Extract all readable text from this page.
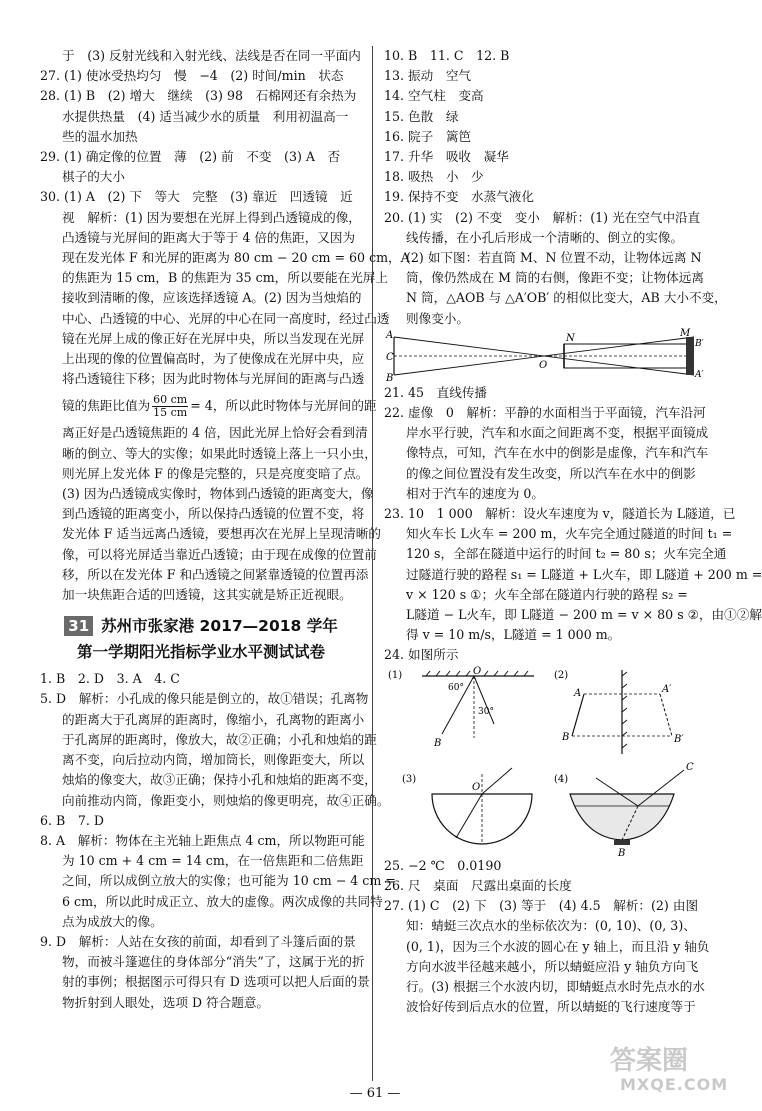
于　(3) 反射光线和入射光线、法线是否在同一平面内
27. (1) 使冰受热均匀　慢　−4　(2) 时间/min　状态
28. (1) B　(2) 增大　继续　(3) 98　石棉网还有余热为
水提供热量　(4) 适当减少水的质量　利用初温高一
些的温水加热
29. (1) 确定像的位置　薄　(2) 前　不变　(3) A　否
棋子的大小
30. (1) A　(2) 下　等大　完整　(3) 靠近　凹透镜　近
视　解析：(1) 因为要想在光屏上得到凸透镜成的像，
凸透镜与光屏间的距离大于等于 4 倍的焦距，又因为
现在发光体 F 和光屏的距离为 80 cm − 20 cm = 60 cm，A
的焦距为 15 cm，B 的焦距为 35 cm，所以要能在光屏上
接收到清晰的像，应该选择透镜 A。(2) 因为当烛焰的
中心、凸透镜的中心、光屏的中心在同一高度时，经过凸透
镜在光屏上成的像正好在光屏中央，所以当发现在光屏
上出现的像的位置偏高时，为了使像成在光屏中央，应
将凸透镜往下移；因为此时物体与光屏间的距离与凸透
镜的焦距比值为 $\frac{60 cm}{15 cm} = 4$，所以此时物体与光屏间的距
离正好是凸透镜焦距的 4 倍，因此光屏上恰好会看到清
晰的倒立、等大的实像；如果此时透镜上落上一只小虫，
则光屏上发光体 F 的像是完整的，只是亮度变暗了点。
(3) 因为凸透镜成实像时，物体到凸透镜的距离变大，像
到凸透镜的距离变小，所以保持凸透镜的位置不变，将
发光体 F 适当远离凸透镜，要想再次在光屏上呈现清晰的
像，可以将光屏适当靠近凸透镜；由于现在成像的位置前
移，所以在发光体 F 和凸透镜之间紧靠透镜的位置再添
加一块焦距合适的凹透镜，这其实就是矫正近视眼。
31 苏州市张家港 2017—2018 学年
第一学期阳光指标学业水平测试试卷
1. B　2. D　3. A　4. C
5. D　解析：小孔成的像只能是倒立的，故①错误；孔离物
的距离大于孔离屏的距离时，像缩小，孔离物的距离小
于孔离屏的距离时，像放大，故②正确；小孔和烛焰的距
离不变，向后拉动内筒，增加筒长，则像距变大，所以
烛焰的像变大，故③正确；保持小孔和烛焰的距离不变，
向前推动内筒，像距变小，则烛焰的像更明亮，故④正确。
6. B　7. D
8. A　解析：物体在主光轴上距焦点 4 cm，所以物距可能
为 10 cm + 4 cm = 14 cm，在一倍焦距和二倍焦距
之间，所以成倒立放大的实像；也可能为 10 cm − 4 cm =
6 cm，所以此时成正立、放大的虚像。两次成像的共同特
点为成放大的像。
9. D　解析：人站在女孩的前面，却看到了斗篷后面的景
物，而被斗篷遮住的身体部分“消失”了，这属于光的折
射的事例；根据图示可得只有 D 选项可以把人后面的景
物折射到人眼处，选项 D 符合题意。
10. B　11. C　12. B
13. 振动　空气
14. 空气柱　变高
15. 色散　绿
16. 院子　篱笆
17. 升华　吸收　凝华
18. 吸热　小　少
19. 保持不变　水蒸气液化
20. (1) 实　(2) 不变　变小　解析：(1) 光在空气中沿直
线传播，在小孔后形成一个清晰的、倒立的实像。
(2) 如下图：若直筒 M、N 位置不动，让物体远离 N
筒，像仍然成在 M 筒的右侧，像距不变；让物体远离
N 筒，△AOB 与 △A′OB′ 的相似比变大，AB 大小不变，
则像变小。
A
C
B
O
N	M
B′
A′
21. 45　直线传播
22. 虚像　0　解析：平静的水面相当于平面镜，汽车沿河
岸水平行驶，汽车和水面之间距离不变，根据平面镜成
像特点，可知，汽车在水中的倒影是虚像，汽车和汽车
的像之间位置没有发生改变，所以汽车在水中的倒影
相对于汽车的速度为 0。
23. 10　1 000　解析：设火车速度为 v，隧道长为 L隧道，已
知火车长 L火车 = 200 m，火车完全通过隧道的时间 t₁ =
120 s，全部在隧道中运行的时间 t₂ = 80 s；火车完全通
过隧道行驶的路程 s₁ = L隧道 + L火车，即 L隧道 + 200 m =
v × 120 s ①；火车全部在隧道内行驶的路程 s₂ =
L隧道 − L火车，即 L隧道 − 200 m = v × 80 s ②，由①②解
得 v = 10 m/s，L隧道 = 1 000 m。
24. 如图所示
(1)	O
60°
30°
B
(2)
A
B
A′
B′
(3)
O
(4)
C
B
25. −2 ℃　0.0190
26. 尺　桌面　尺露出桌面的长度
27. (1) C　(2) 下　(3) 等于　(4) 4.5　解析：(2) 由图
知：蜻蜓三次点水的坐标依次为：(0, 10)、(0, 3)、
(0, 1)，因为三个水波的圆心在 y 轴上，而且沿 y 轴负
方向水波半径越来越小，所以蜻蜓应沿 y 轴负方向飞
行。(3) 根据三个水波内切，即蜻蜓点水时先点水的水
波恰好传到后点水的位置，所以蜻蜓的飞行速度等于
— 61 —
答案圈
MXQE.COM
